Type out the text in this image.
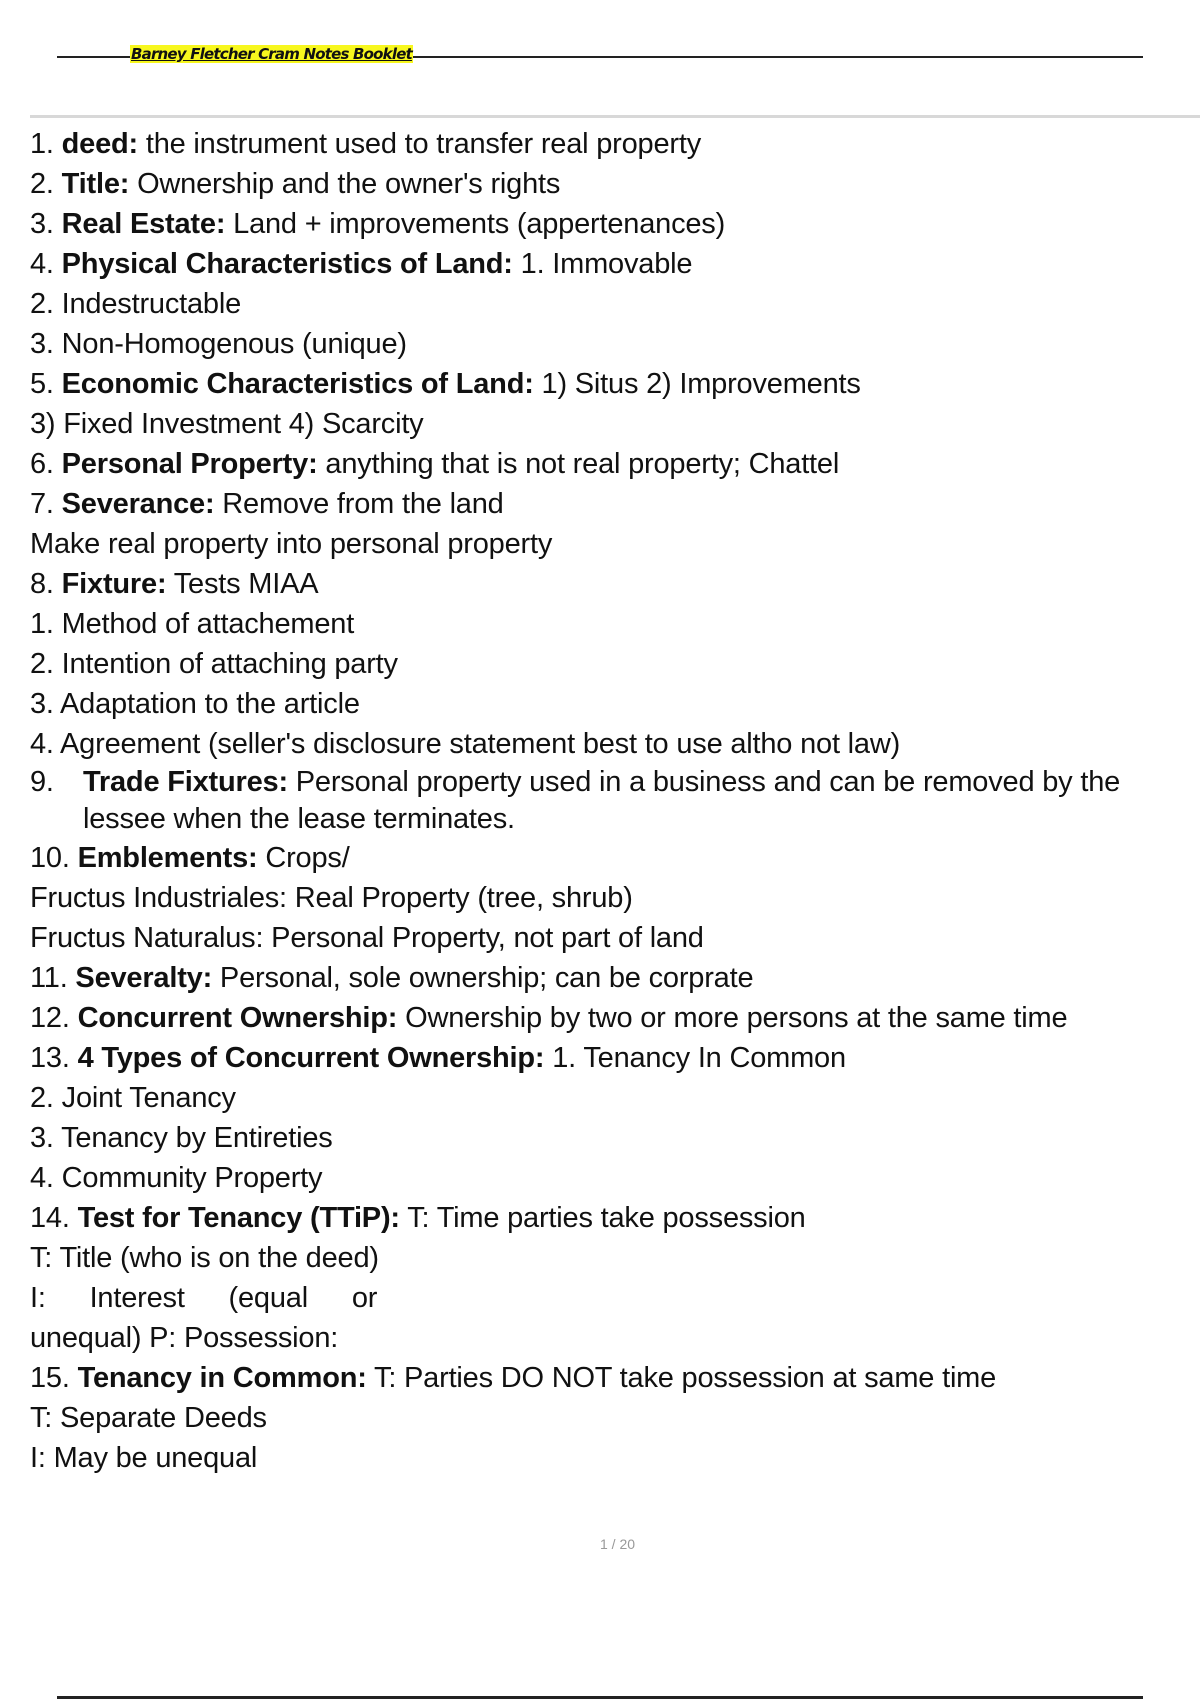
Barney Fletcher Cram Notes Booklet
1. deed: the instrument used to transfer real property
2. Title: Ownership and the owner's rights
3. Real Estate: Land + improvements (appertenances)
4. Physical Characteristics of Land: 1. Immovable
2. Indestructable
3. Non-Homogenous (unique)
5. Economic Characteristics of Land: 1) Situs 2) Improvements
3) Fixed Investment 4) Scarcity
6. Personal Property: anything that is not real property; Chattel
7. Severance: Remove from the land
Make real property into personal property
8. Fixture: Tests MIAA
1. Method of attachement
2. Intention of attaching party
3. Adaptation to the article
4. Agreement (seller's disclosure statement best to use altho not law)
9. Trade Fixtures: Personal property used in a business and can be removed by the lessee when the lease terminates.
10. Emblements: Crops/
Fructus Industriales: Real Property (tree, shrub)
Fructus Naturalus: Personal Property, not part of land
11. Severalty: Personal, sole ownership; can be corprate
12. Concurrent Ownership: Ownership by two or more persons at the same time
13. 4 Types of Concurrent Ownership: 1. Tenancy In Common
2. Joint Tenancy
3. Tenancy by Entireties
4. Community Property
14. Test for Tenancy (TTiP): T: Time parties take possession
T: Title (who is on the deed)
I: Interest (equal or
unequal) P: Possession:
15. Tenancy in Common: T: Parties DO NOT take possession at same time
T: Separate Deeds
I: May be unequal
1 / 20
